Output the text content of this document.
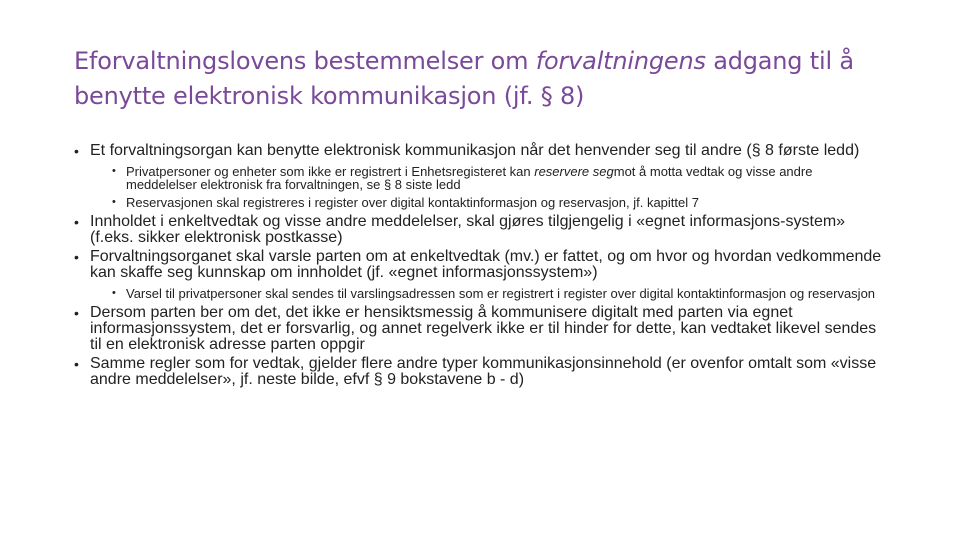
Eforvaltningslovens bestemmelser om forvaltningens adgang til å benytte elektronisk kommunikasjon (jf. § 8)
• Et forvaltningsorgan kan benytte elektronisk kommunikasjon når det henvender seg til andre (§ 8 første ledd)
• Privatpersoner og enheter som ikke er registrert i Enhetsregisteret kan reservere segmot å motta vedtak og visse andre meddelelser elektronisk fra forvaltningen, se § 8 siste ledd
• Reservasjonen skal registreres i register over digital kontaktinformasjon og reservasjon, jf. kapittel 7
• Innholdet i enkeltvedtak og visse andre meddelelser, skal gjøres tilgjengelig i «egnet informasjons-system» (f.eks. sikker elektronisk postkasse)
• Forvaltningsorganet skal varsle parten om at enkeltvedtak (mv.) er fattet, og om hvor og hvordan vedkommende kan skaffe seg kunnskap om innholdet (jf. «egnet informasjonssystem»)
• Varsel til privatpersoner skal sendes til varslingsadressen som er registrert i register over digital kontaktinformasjon og reservasjon
• Dersom parten ber om det, det ikke er hensiktsmessig å kommunisere digitalt med parten via egnet informasjonssystem, det er forsvarlig, og annet regelverk ikke er til hinder for dette, kan vedtaket likevel sendes til en elektronisk adresse parten oppgir
• Samme regler som for vedtak, gjelder flere andre typer kommunikasjonsinnehold (er ovenfor omtalt som «visse andre meddelelser», jf. neste bilde, efvf § 9 bokstavene b - d)
